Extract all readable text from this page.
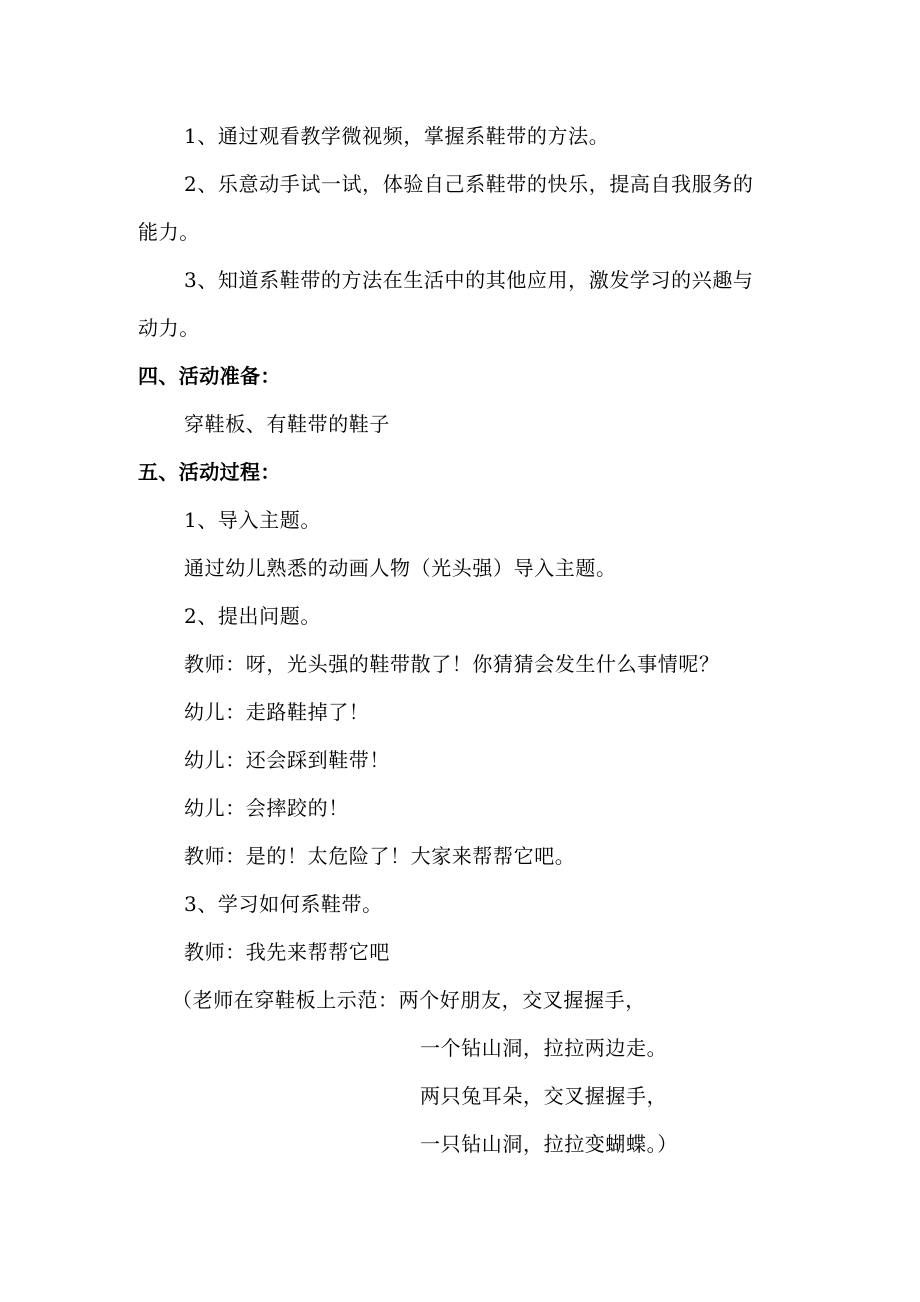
1、通过观看教学微视频，掌握系鞋带的方法。
2、乐意动手试一试，体验自己系鞋带的快乐，提高自我服务的
能力。
3、知道系鞋带的方法在生活中的其他应用，激发学习的兴趣与
动力。
四、活动准备：
穿鞋板、有鞋带的鞋子
五、活动过程：
1、导入主题。
通过幼儿熟悉的动画人物（光头强）导入主题。
2、提出问题。
教师：呀，光头强的鞋带散了！你猜猜会发生什么事情呢？
幼儿：走路鞋掉了！
幼儿：还会踩到鞋带！
幼儿：会摔跤的！
教师：是的！太危险了！大家来帮帮它吧。
3、学习如何系鞋带。
教师：我先来帮帮它吧
（老师在穿鞋板上示范：两个好朋友，交叉握握手，
一个钻山洞，拉拉两边走。
两只兔耳朵，交叉握握手，
一只钻山洞，拉拉变蝴蝶。）
